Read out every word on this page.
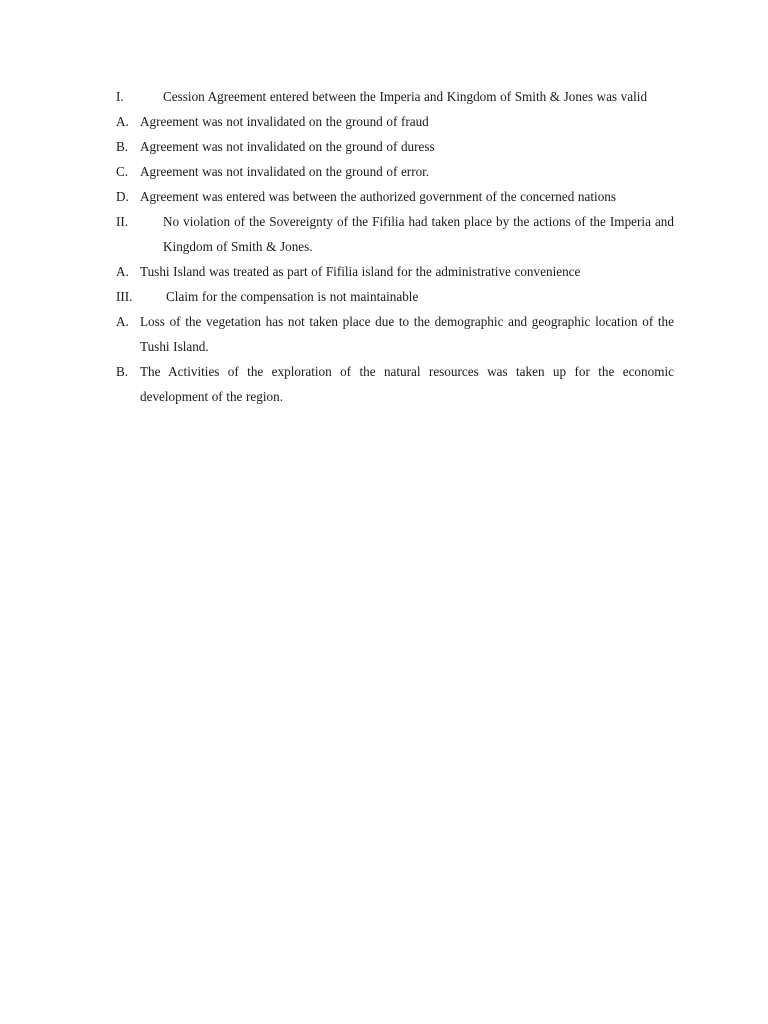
I.	Cession Agreement entered between the Imperia and Kingdom of Smith & Jones was valid
A. Agreement was not invalidated on the ground of fraud
B. Agreement was not invalidated on the ground of duress
C. Agreement was not invalidated on the ground of error.
D. Agreement was entered was between the authorized government of the concerned nations
II.	No violation of the Sovereignty of the Fifilia had taken place by the actions of the Imperia and Kingdom of Smith & Jones.
A. Tushi Island was treated as part of Fifilia island for the administrative convenience
III.	Claim for the compensation is not maintainable
A. Loss of the vegetation has not taken place due to the demographic and geographic location of the Tushi Island.
B. The Activities of the exploration of the natural resources was taken up for the economic development of the region.
